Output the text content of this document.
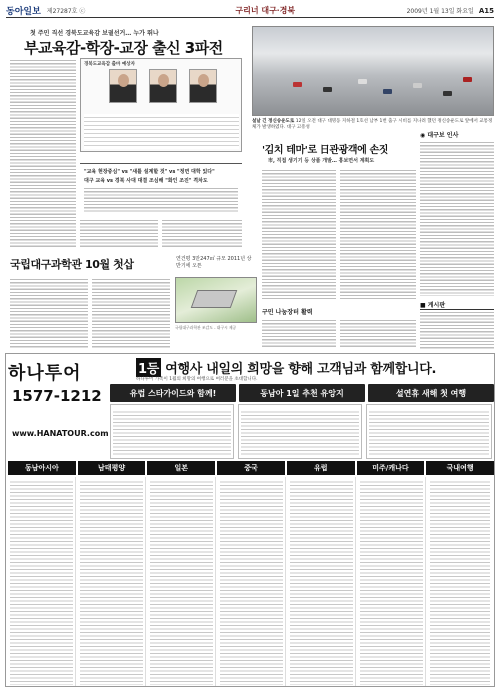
동아일보 제27287호 ⓒ	구리너 대구·경북	2009년 1월 13일 화요일 A15
첫 주민 직선 경북도교육감 보궐선거… 누가 뛰나
부교육감-학장-교장 출신 3파전
경북도교육감 출마 예상자
"교육 현장중심" vs "새틀 설계할 것" vs "정면 대학 있다"
대구 교육 vs 경북 사대 대결 조심해 "화인 조진" 격차도
설날 긴 정신송운도로 12일 오전 대구 대명동 지하철 1호선 남부 1번 출구 시비를 지나려 했던 정신송운도로 앞에서 교통정체가 발생하였다. 대구 고흥성
'김치 테마'로 日관광객에 손짓
市, 직접 생기기 등 상품 개발… 홍보면서 계획도
구민 나눔장터 활력
◉ 대구보 인사
■ 게시판
국립대구과학관 10월 첫삽	연건평 3만247㎡ 규모 2011년 상반기에 오픈
국립대구과학관 조감도 - 대구시 제공
하나투어
1577-1212
www.HANATOUR.com
1등 여행사 내일의 희망을 향해 고객님과 함께합니다.
하나투어 가족이 1월의 희망의 여행으로 여러분을 초대합니다.
유럽 스타가이드와 함께!	동남아 1일 추천 유앙지	설연휴 새해 첫 여행
동남아시아	남태평양	일본	중국	유럽	미주/캐나다	국내여행
